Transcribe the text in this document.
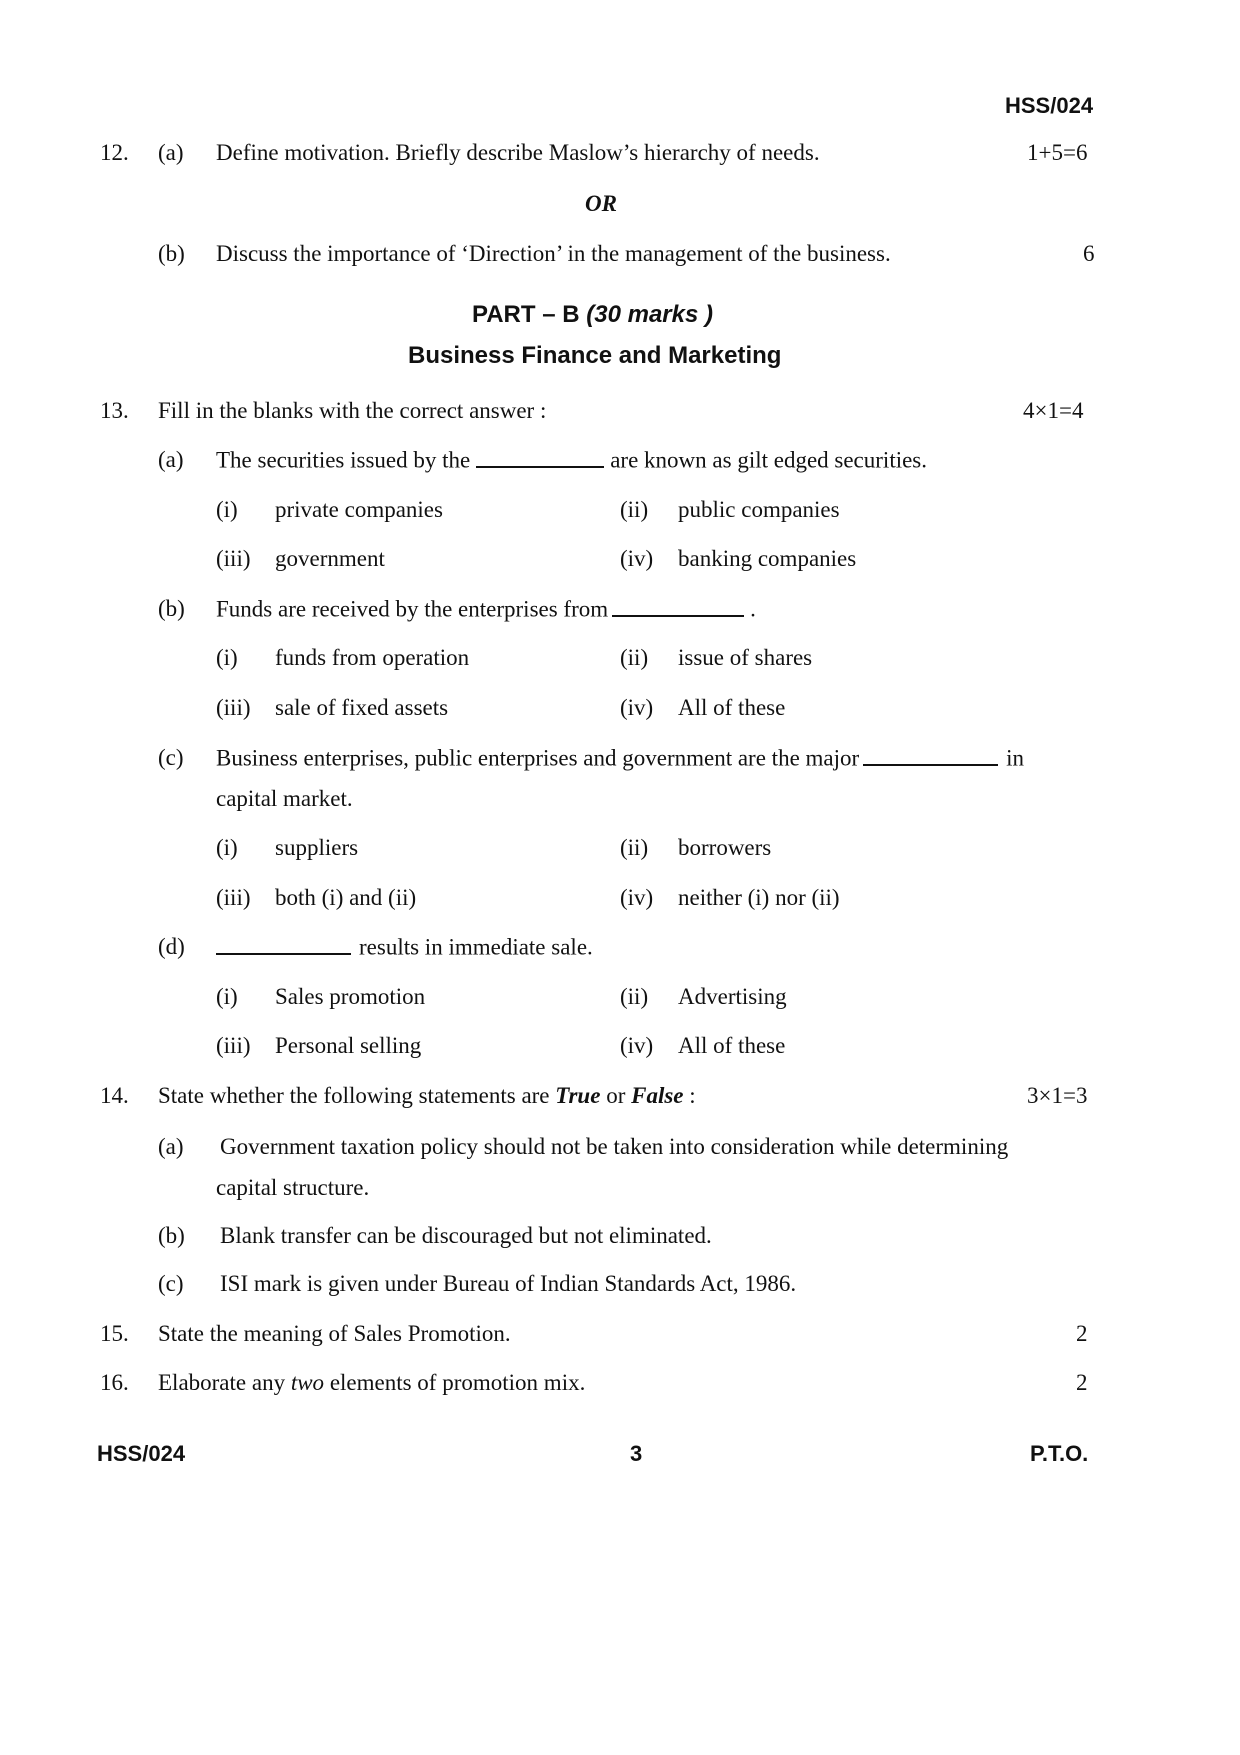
HSS/024
12. (a) Define motivation. Briefly describe Maslow’s hierarchy of needs.	1+5=6
OR
(b) Discuss the importance of ‘Direction’ in the management of the business.	6
PART – B (30 marks )
Business Finance and Marketing
13. Fill in the blanks with the correct answer :	4×1=4
(a) The securities issued by the	are known as gilt edged securities.
(i) private companies	(ii) public companies
(iii) government	(iv) banking companies
(b) Funds are received by the enterprises from	.
(i) funds from operation	(ii) issue of shares
(iii) sale of fixed assets	(iv) All of these
(c) Business enterprises, public enterprises and government are the major	in
capital market.
(i) suppliers	(ii) borrowers
(iii) both (i) and (ii)	(iv) neither (i) nor (ii)
(d)	results in immediate sale.
(i) Sales promotion	(ii) Advertising
(iii) Personal selling	(iv) All of these
14. State whether the following statements are True or False :	3×1=3
(a) Government taxation policy should not be taken into consideration while determining
capital structure.
(b) Blank transfer can be discouraged but not eliminated.
(c) ISI mark is given under Bureau of Indian Standards Act, 1986.
15. State the meaning of Sales Promotion.	2
16. Elaborate any two elements of promotion mix.	2
HSS/024	3	P.T.O.
